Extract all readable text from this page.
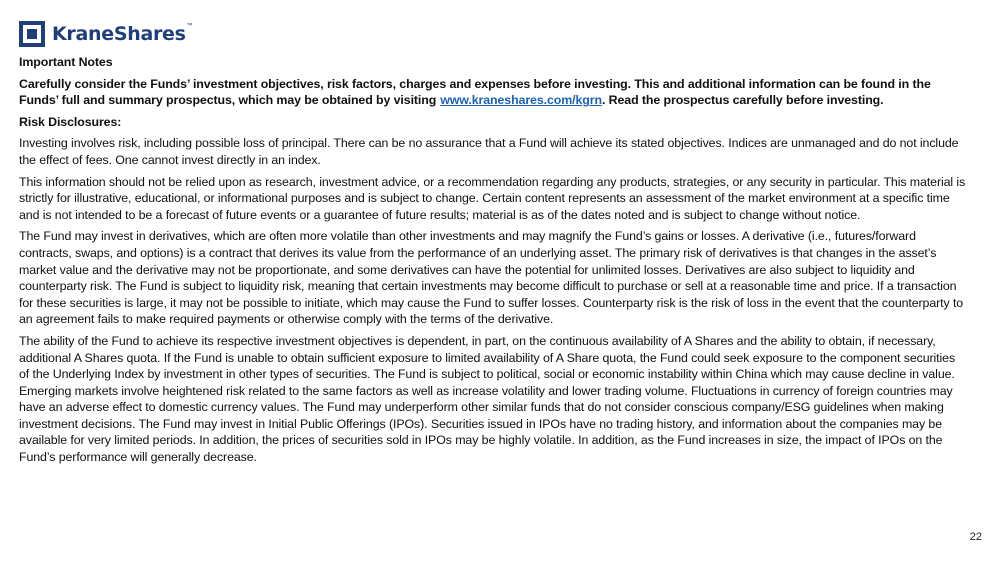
KraneShares ™
Important Notes

Carefully consider the Funds’ investment objectives, risk factors, charges and expenses before investing. This and additional information can be found in the Funds’ full and summary prospectus, which may be obtained by visiting www.kraneshares.com/kgrn. Read the prospectus carefully before investing.

Risk Disclosures:

Investing involves risk, including possible loss of principal. There can be no assurance that a Fund will achieve its stated objectives. Indices are unmanaged and do not include the effect of fees. One cannot invest directly in an index.

This information should not be relied upon as research, investment advice, or a recommendation regarding any products, strategies, or any security in particular. This material is strictly for illustrative, educational, or informational purposes and is subject to change. Certain content represents an assessment of the market environment at a specific time and is not intended to be a forecast of future events or a guarantee of future results; material is as of the dates noted and is subject to change without notice.

The Fund may invest in derivatives, which are often more volatile than other investments and may magnify the Fund’s gains or losses. A derivative (i.e., futures/forward contracts, swaps, and options) is a contract that derives its value from the performance of an underlying asset. The primary risk of derivatives is that changes in the asset’s market value and the derivative may not be proportionate, and some derivatives can have the potential for unlimited losses. Derivatives are also subject to liquidity and counterparty risk. The Fund is subject to liquidity risk, meaning that certain investments may become difficult to purchase or sell at a reasonable time and price. If a transaction for these securities is large, it may not be possible to initiate, which may cause the Fund to suffer losses. Counterparty risk is the risk of loss in the event that the counterparty to an agreement fails to make required payments or otherwise comply with the terms of the derivative.

The ability of the Fund to achieve its respective investment objectives is dependent, in part, on the continuous availability of A Shares and the ability to obtain, if necessary, additional A Shares quota. If the Fund is unable to obtain sufficient exposure to limited availability of A Share quota, the Fund could seek exposure to the component securities of the Underlying Index by investment in other types of securities. The Fund is subject to political, social or economic instability within China which may cause decline in value. Emerging markets involve heightened risk related to the same factors as well as increase volatility and lower trading volume. Fluctuations in currency of foreign countries may have an adverse effect to domestic currency values. The Fund may underperform other similar funds that do not consider conscious company/ESG guidelines when making investment decisions. The Fund may invest in Initial Public Offerings (IPOs). Securities issued in IPOs have no trading history, and information about the companies may be available for very limited periods. In addition, the prices of securities sold in IPOs may be highly volatile. In addition, as the Fund increases in size, the impact of IPOs on the Fund’s performance will generally decrease.

22
